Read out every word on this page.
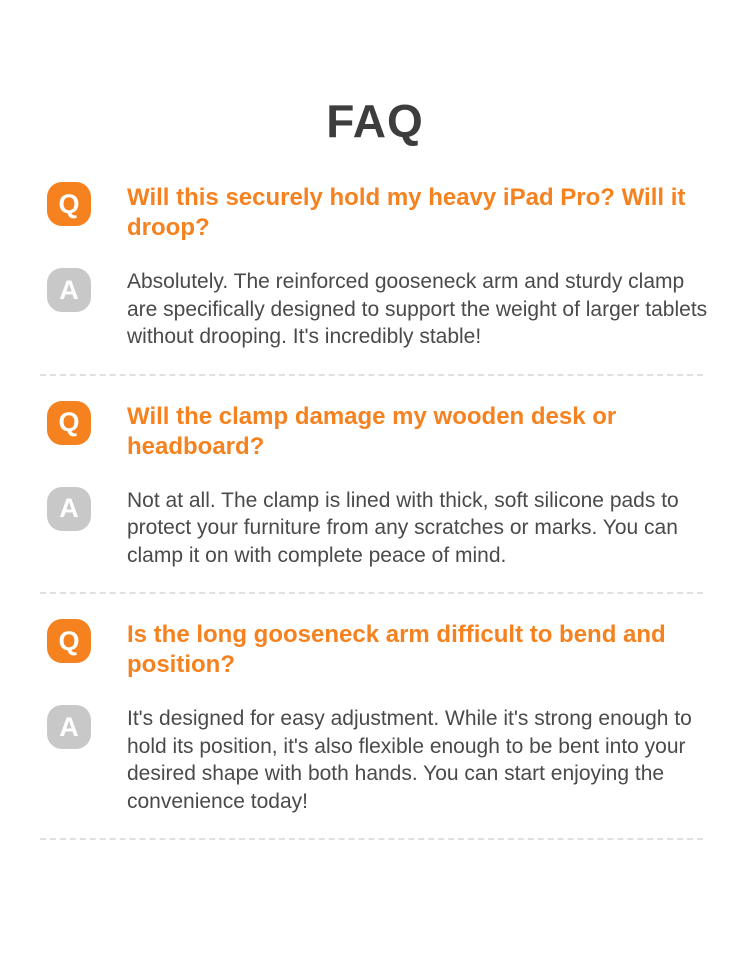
FAQ
Q	Will this securely hold my heavy iPad Pro? Will it droop?
A	Absolutely. The reinforced gooseneck arm and sturdy clamp are specifically designed to support the weight of larger tablets without drooping. It's incredibly stable!

Q	Will the clamp damage my wooden desk or headboard?
A	Not at all. The clamp is lined with thick, soft silicone pads to protect your furniture from any scratches or marks. You can clamp it on with complete peace of mind.

Q	Is the long gooseneck arm difficult to bend and position?
A	It's designed for easy adjustment. While it's strong enough to hold its position, it's also flexible enough to be bent into your desired shape with both hands. You can start enjoying the convenience today!
